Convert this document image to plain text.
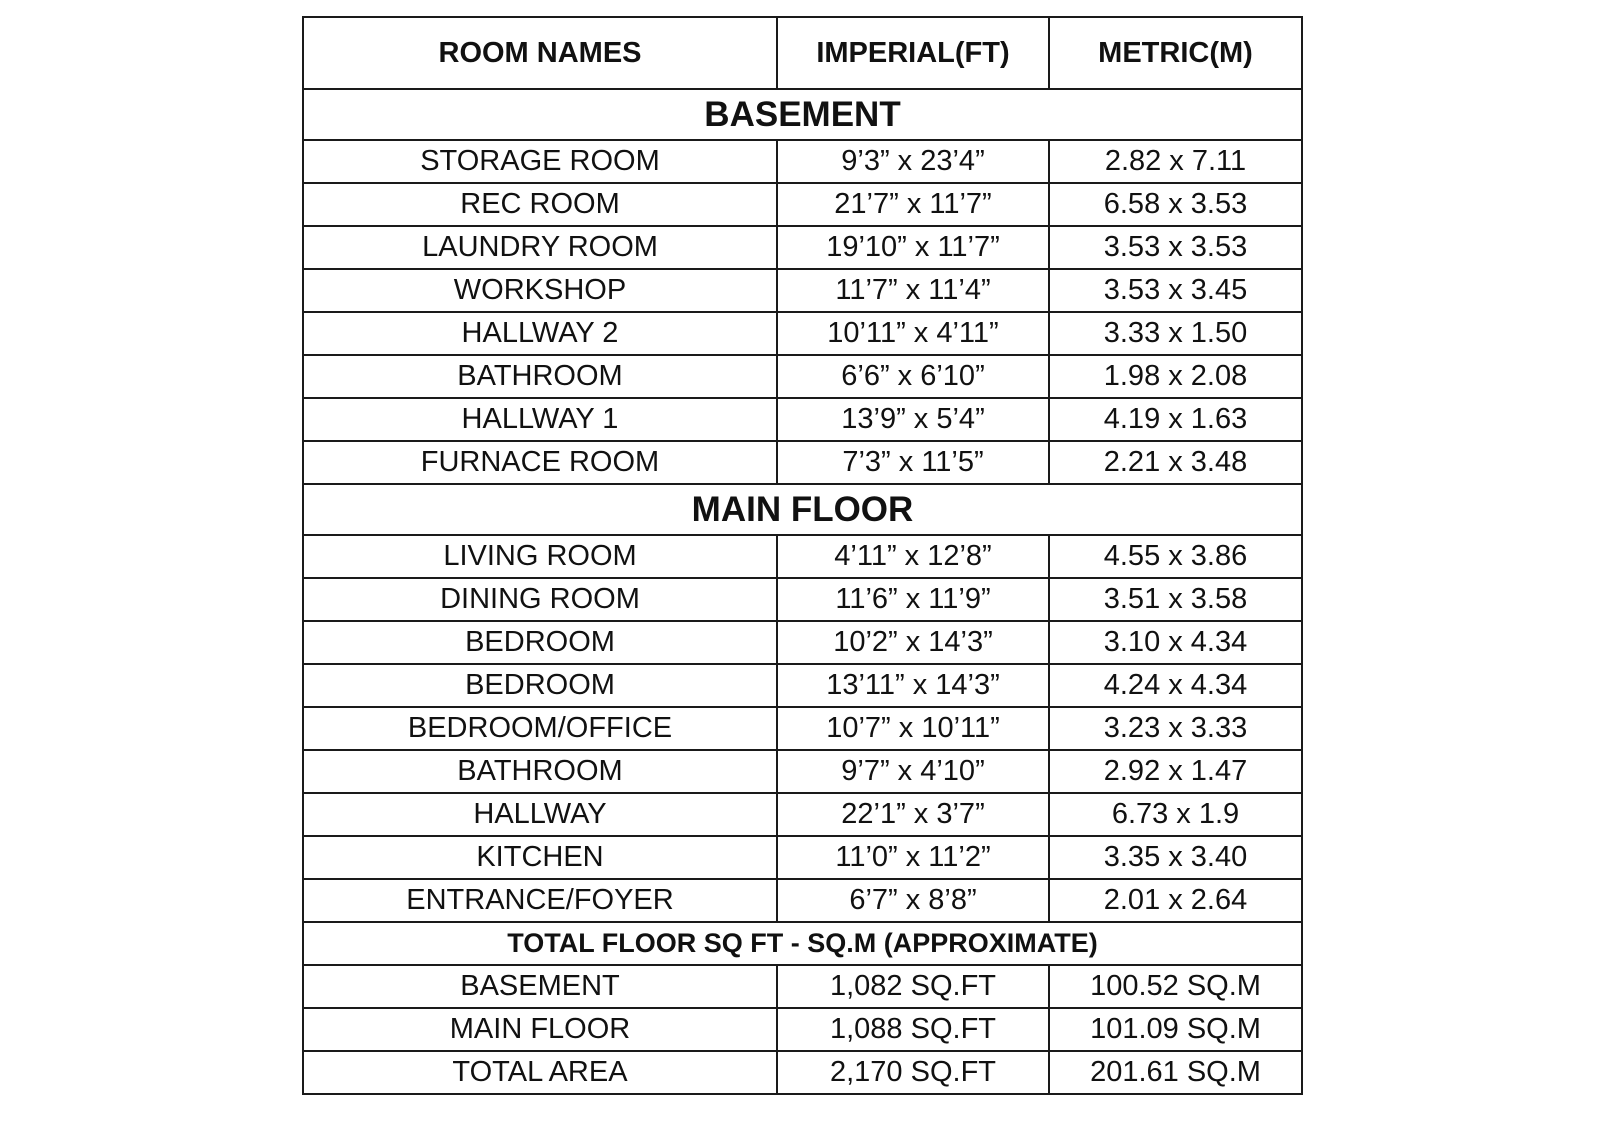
ROOM NAMES	IMPERIAL(FT)	METRIC(M)
BASEMENT		
STORAGE ROOM	9’3” x 23’4”	2.82 x 7.11
REC ROOM	21’7” x 11’7”	6.58 x 3.53
LAUNDRY ROOM	19’10” x 11’7”	3.53 x 3.53
WORKSHOP	11’7” x 11’4”	3.53 x 3.45
HALLWAY 2	10’11” x 4’11”	3.33 x 1.50
BATHROOM	6’6” x 6’10”	1.98 x 2.08
HALLWAY 1	13’9” x 5’4”	4.19 x 1.63
FURNACE ROOM	7’3” x 11’5”	2.21 x 3.48
MAIN FLOOR		
LIVING ROOM	4’11” x 12’8”	4.55 x 3.86
DINING ROOM	11’6” x 11’9”	3.51 x 3.58
BEDROOM	10’2” x 14’3”	3.10 x 4.34
BEDROOM	13’11” x 14’3”	4.24 x 4.34
BEDROOM/OFFICE	10’7” x 10’11”	3.23 x 3.33
BATHROOM	9’7” x 4’10”	2.92 x 1.47
HALLWAY	22’1” x 3’7”	6.73 x 1.9
KITCHEN	11’0” x 11’2”	3.35 x 3.40
ENTRANCE/FOYER	6’7” x 8’8”	2.01 x 2.64
TOTAL FLOOR SQ FT - SQ.M (APPROXIMATE)		
BASEMENT	1,082 SQ.FT	100.52 SQ.M
MAIN FLOOR	1,088 SQ.FT	101.09 SQ.M
TOTAL AREA	2,170 SQ.FT	201.61 SQ.M
